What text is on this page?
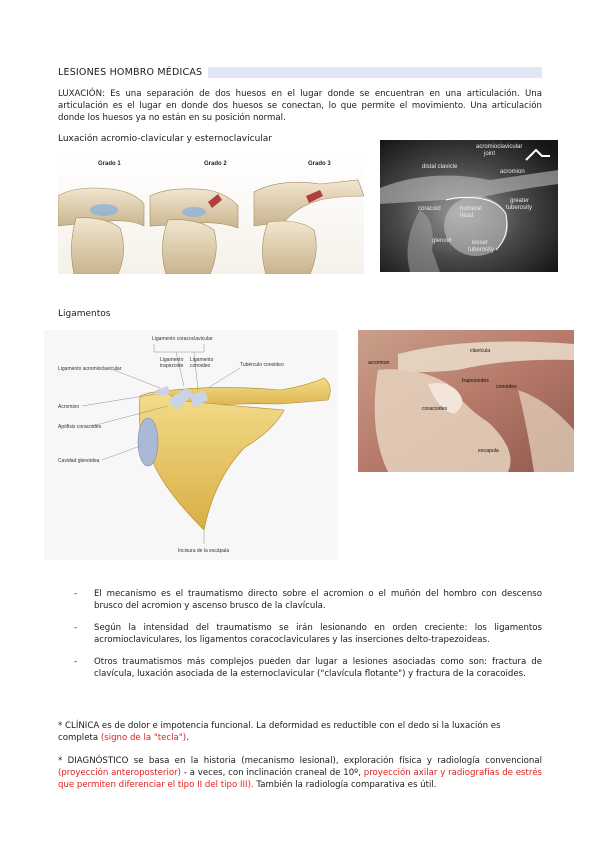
LESIONES HOMBRO MÉDICAS

LUXACIÓN: Es una separación de dos huesos en el lugar donde se encuentran en una articulación. Una articulación es el lugar en donde dos huesos se conectan, lo que permite el movimiento. Una articulación donde los huesos ya no están en su posición normal.

Luxación acromio-clavicular y esternoclavicular
Grado 1	Grado 2	Grado 3
acromioclavicular
joint
distal clavicle
acromion
coracoid	humeral
head
greater
tuberosity
glenoid	lesser
tuberosity
Ligamentos
Ligamento coracoclavicular
Ligamento
trapezoide
Ligamento
conoideo	Tubérculo conoideo
Ligamento acromioclavicular
Acromion
Apófisis coracoides
Cavidad glenoidea
Incisura de la escápula
clavícula
acromion
trapezoides
conoides
coracoides
escapula
- El mecanismo es el traumatismo directo sobre el acromion o el muñón del hombro con descenso brusco del acromion y ascenso brusco de la clavícula.
- Según la intensidad del traumatismo se irán lesionando en orden creciente: los ligamentos acromioclaviculares, los ligamentos coracoclaviculares y las inserciones delto-trapezoideas.
- Otros traumatismos más complejos pueden dar lugar a lesiones asociadas como son: fractura de clavícula, luxación asociada de la esternoclavicular ("clavícula flotante") y fractura de la coracoides.

* CLÍNICA es de dolor e impotencia funcional. La deformidad es reductible con el dedo si la luxación es completa (signo de la "tecla").

* DIAGNÓSTICO se basa en la historia (mecanismo lesional), exploración física y radiología convencional (proyección anteroposterior) - a veces, con inclinación craneal de 10º, proyección axilar y radiografías de estrés que permiten diferenciar el tipo II del tipo III). También la radiología comparativa es útil.
